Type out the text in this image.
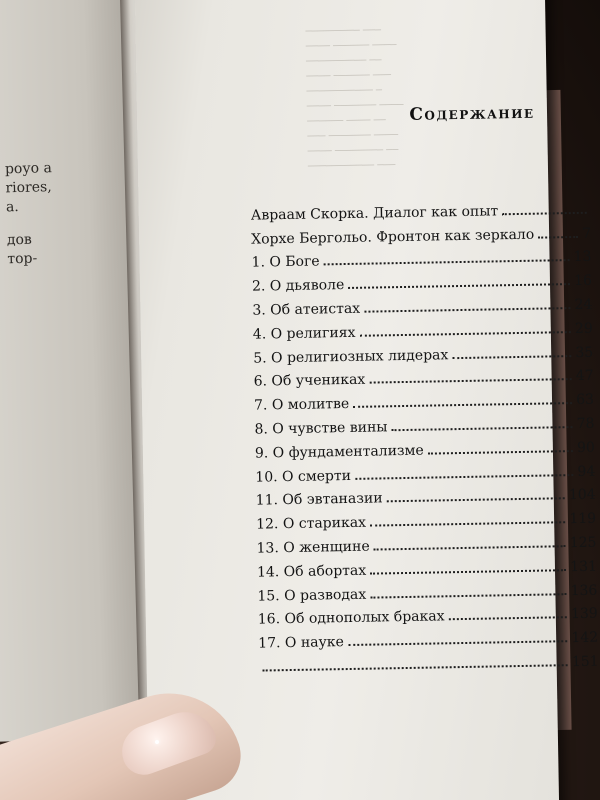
роуо а
riores,
а.
дов
тор-
─────────── ───
──── ──────── ──
─── ─────── ────
────── ──── ──
──── ─────── ────
─────────── ─
──── ────── ───
────────── ──
──── ────── ────
───────── ───
Содержание
Авраам Скорка. Диалог как опыт
Хорхе Бергольо. Фронтон как зеркало	7
1. О Боге	13
2. О дьяволе	16
3. Об атеистах	24
4. О религиях	29
5. О религиозных лидерах	35
6. Об учениках	47
7. О молитве	63
8. О чувстве вины	78
9. О фундаментализме	90
10. О смерти	94
11. Об эвтаназии	104
12. О стариках	119
13. О женщине	125
14. Об абортах	131
15. О разводах	136
16. Об однополых браках	139
17. О науке	142
151
